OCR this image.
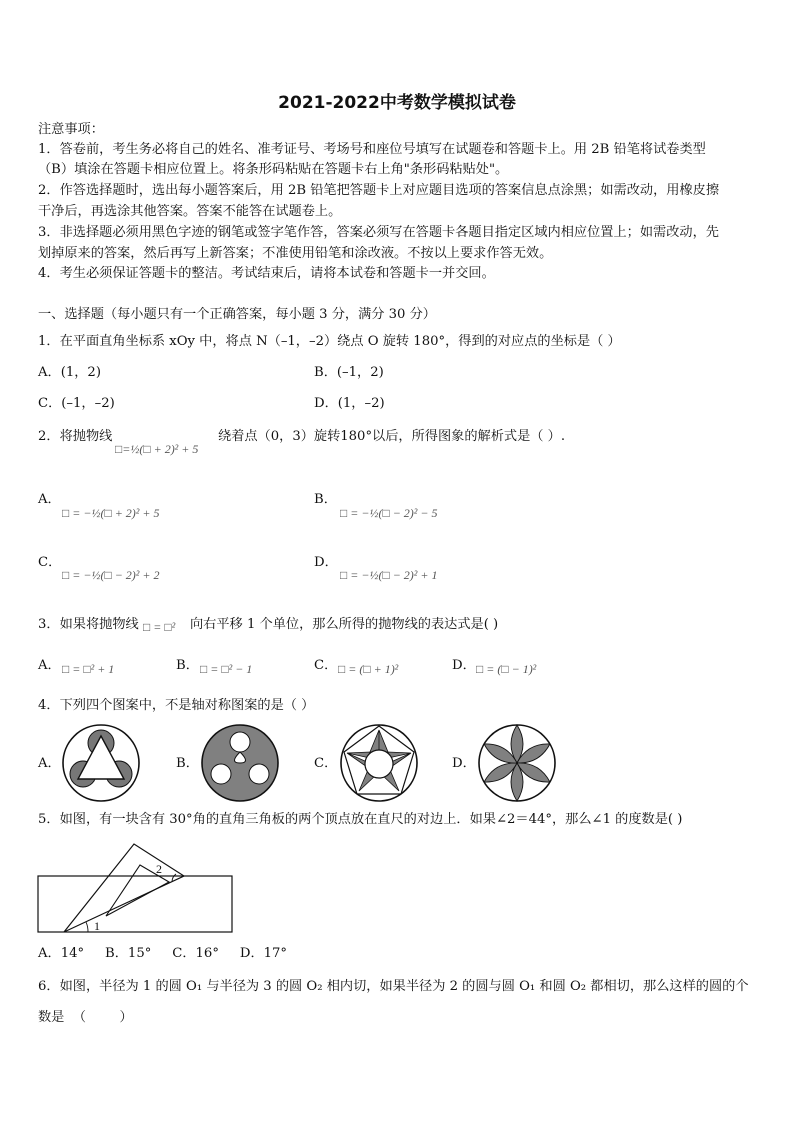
2021-2022中考数学模拟试卷
注意事项：
1．答卷前，考生务必将自己的姓名、准考证号、考场号和座位号填写在试题卷和答题卡上。用 2B 铅笔将试卷类型
（B）填涂在答题卡相应位置上。将条形码粘贴在答题卡右上角"条形码粘贴处"。
2．作答选择题时，选出每小题答案后，用 2B 铅笔把答题卡上对应题目选项的答案信息点涂黑；如需改动，用橡皮擦
干净后，再选涂其他答案。答案不能答在试题卷上。
3．非选择题必须用黑色字迹的钢笔或签字笔作答，答案必须写在答题卡各题目指定区域内相应位置上；如需改动，先
划掉原来的答案，然后再写上新答案；不准使用铅笔和涂改液。不按以上要求作答无效。
4．考生必须保证答题卡的整洁。考试结束后，请将本试卷和答题卡一并交回。
一、选择题（每小题只有一个正确答案，每小题 3 分，满分 30 分）
1．在平面直角坐标系 xOy 中，将点 N（–1，–2）绕点 O 旋转 180°，得到的对应点的坐标是（ ）
A．(1，2)	B．(–1，2)
C．(–1，–2)	D．(1，–2)
2．将抛物线
□=½(□ + 2)² + 5
绕着点（0，3）旋转180°以后，所得图象的解析式是（ ）.
A．
□ = −½(□ + 2)² + 5
B．
□ = −½(□ − 2)² − 5
C．
□ = −½(□ − 2)² + 2
D．
□ = −½(□ − 2)² + 1
3．如果将抛物线 □ = □² 向右平移 1 个单位，那么所得的抛物线的表达式是( )
A． □ = □² + 1	B． □ = □² − 1	C． □ = (□ + 1)²	D． □ = (□ − 1)²
4．下列四个图案中，不是轴对称图案的是（ ）
A．	B．	C．	D．
5．如图，有一块含有 30°角的直角三角板的两个顶点放在直尺的对边上．如果∠2＝44°，那么∠1 的度数是( )
1
2
A．14°     B．15°     C．16°     D．17°
6．如图，半径为 1 的圆 O₁ 与半径为 3 的圆 O₂ 相内切，如果半径为 2 的圆与圆 O₁ 和圆 O₂ 都相切，那么这样的圆的个
数是  （        ）
